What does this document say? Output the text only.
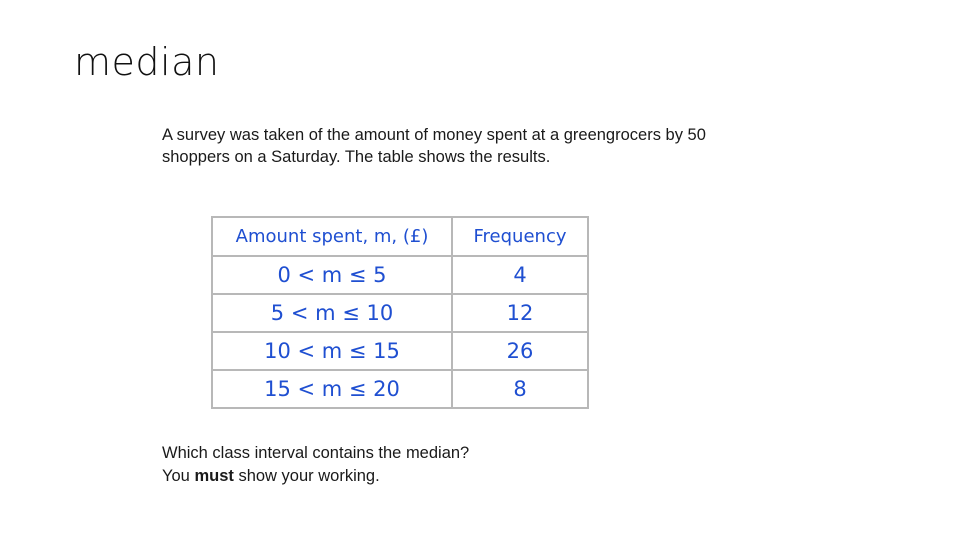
median
A survey was taken of the amount of money spent at a greengrocers by 50
shoppers on a Saturday. The table shows the results.
Amount spent, m, (£)	Frequency
0 < m ≤ 5	4
5 < m ≤ 10	12
10 < m ≤ 15	26
15 < m ≤ 20	8
Which class interval contains the median?
You must show your working.
